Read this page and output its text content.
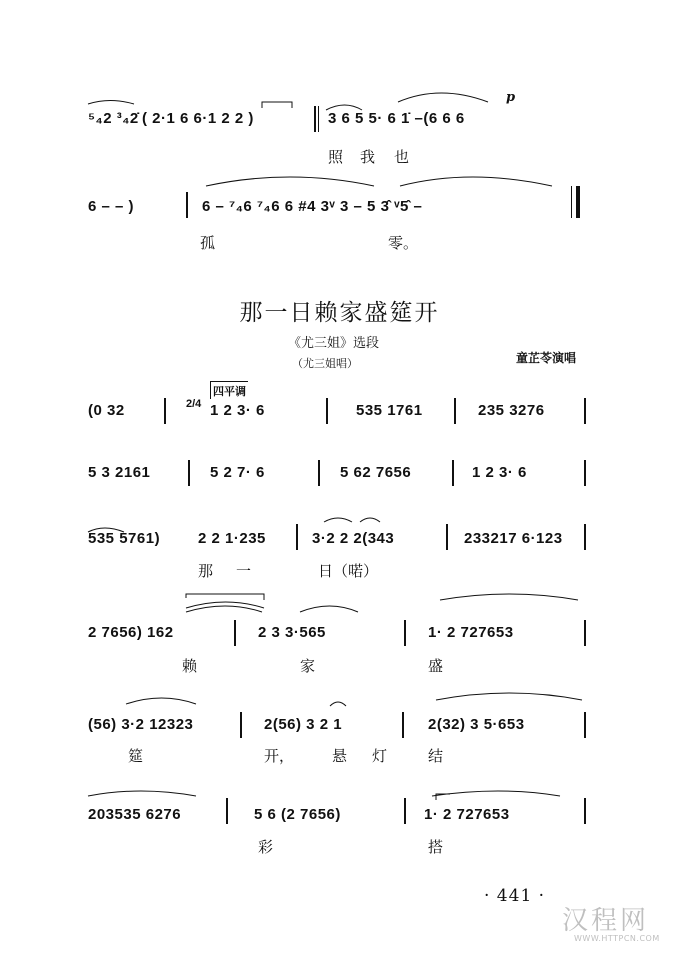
⁵₄2 ³₄2̇ ( 2·1 6 6·1 2 2 )	3 6 5 5· 6 1̇ –(6 6 6
p
照 我 也
6 – – )	6 – ⁷₄6 ⁷₄6 6 #4 3ᵛ 3 – 5 3̂ ᵛ5̂ –
孤	零。
那一日赖家盛筵开
《尤三姐》选段
（尤三姐唱）	童芷苓演唱
四平调
(0 32	2/4 1 2 3· 6	535 1761	235 3276
5 3 2161	5 2 7· 6	5 62 7656	1 2 3· 6
535 5761)	2 2 1·235	3·2 2 2(343	233217 6·123
那 一	日（喏）
2 7656) 162	2 3 3·565	1· 2 727653
赖	家	盛
(56) 3·2 12323	2(56) 3 2 1	2(32) 3 5·653
筵	开，	悬 灯	结
203535 6276	5 6 (2 7656)	1· 2 727653
彩	搭
· 441 ·
汉程网
WWW.HTTPCN.COM
